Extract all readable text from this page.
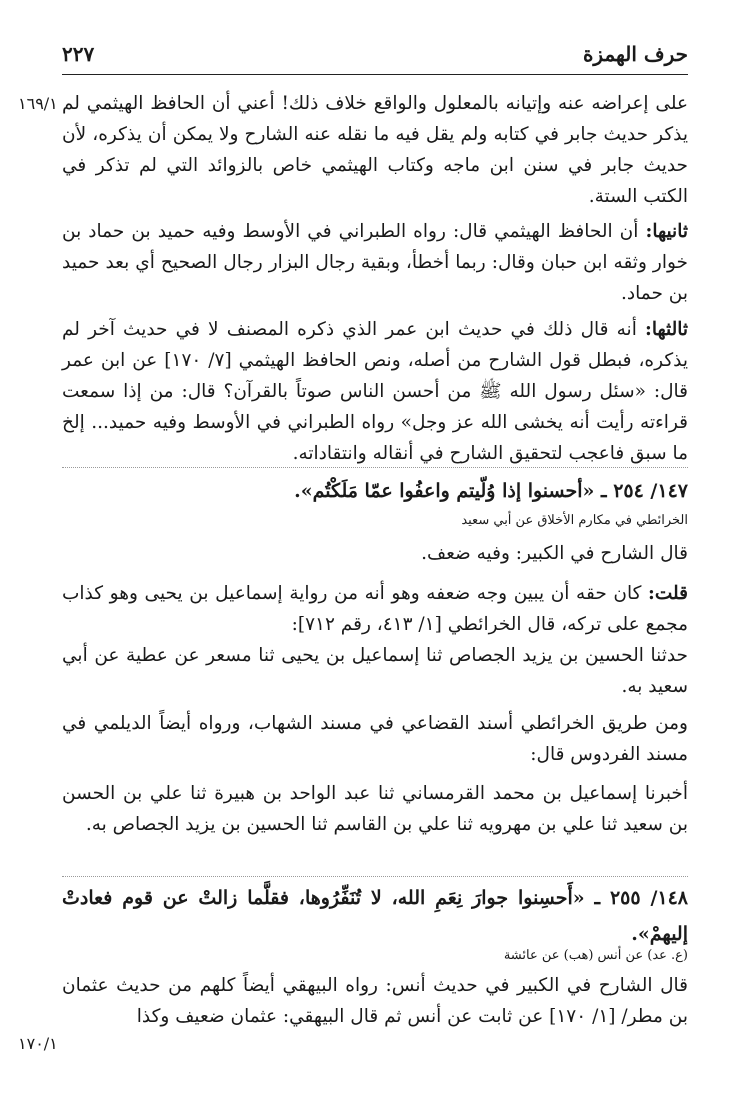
حرف الهمزة
٢٢٧
١٦٩/١ على إعراضه عنه وإتيانه بالمعلول والواقع خلاف ذلك! أعني أن الحافظ الهيثمي لم يذكر حديث جابر في كتابه ولم يقل فيه ما نقله عنه الشارح ولا يمكن أن يذكره، لأن حديث جابر في سنن ابن ماجه وكتاب الهيثمي خاص بالزوائد التي لم تذكر في الكتب الستة.
ثانيها: أن الحافظ الهيثمي قال: رواه الطبراني في الأوسط وفيه حميد بن حماد بن خوار وثقه ابن حبان وقال: ربما أخطأ، وبقية رجال البزار رجال الصحيح أي بعد حميد بن حماد.
ثالثها: أنه قال ذلك في حديث ابن عمر الذي ذكره المصنف لا في حديث آخر لم يذكره، فبطل قول الشارح من أصله، ونص الحافظ الهيثمي [٧/ ١٧٠] عن ابن عمر قال: «سئل رسول الله ﷺ من أحسن الناس صوتاً بالقرآن؟ قال: من إذا سمعت قراءته رأيت أنه يخشى الله عز وجل» رواه الطبراني في الأوسط وفيه حميد... إلخ ما سبق فاعجب لتحقيق الشارح في أنقاله وانتقاداته.
١٤٧/ ٢٥٤ ـ «أحسنوا إذا وُلّيتم واعفُوا عمّا مَلَكْتُم».
الخرائطي في مكارم الأخلاق عن أبي سعيد
قال الشارح في الكبير: وفيه ضعف.
قلت: كان حقه أن يبين وجه ضعفه وهو أنه من رواية إسماعيل بن يحيى وهو كذاب مجمع على تركه، قال الخرائطي [١/ ٤١٣، رقم ٧١٢]:
حدثنا الحسين بن يزيد الجصاص ثنا إسماعيل بن يحيى ثنا مسعر عن عطية عن أبي سعيد به.
ومن طريق الخرائطي أسند القضاعي في مسند الشهاب، ورواه أيضاً الديلمي في مسند الفردوس قال:
أخبرنا إسماعيل بن محمد القرمساني ثنا عبد الواحد بن هبيرة ثنا علي بن الحسن بن سعيد ثنا علي بن مهرويه ثنا علي بن القاسم ثنا الحسين بن يزيد الجصاص به.
١٤٨/ ٢٥٥ ـ «أَحسِنوا جوارَ نِعَمِ الله، لا تُنَفِّرُوها، فقلَّما زالتْ عن قوم فعادتْ إليهمْ».
(ع. عد) عن أنس (هب) عن عائشة
قال الشارح في الكبير في حديث أنس: رواه البيهقي أيضاً كلهم من حديث عثمان بن مطر/ [١/ ١٧٠] عن ثابت عن أنس ثم قال البيهقي: عثمان ضعيف وكذا
١٧٠/١
